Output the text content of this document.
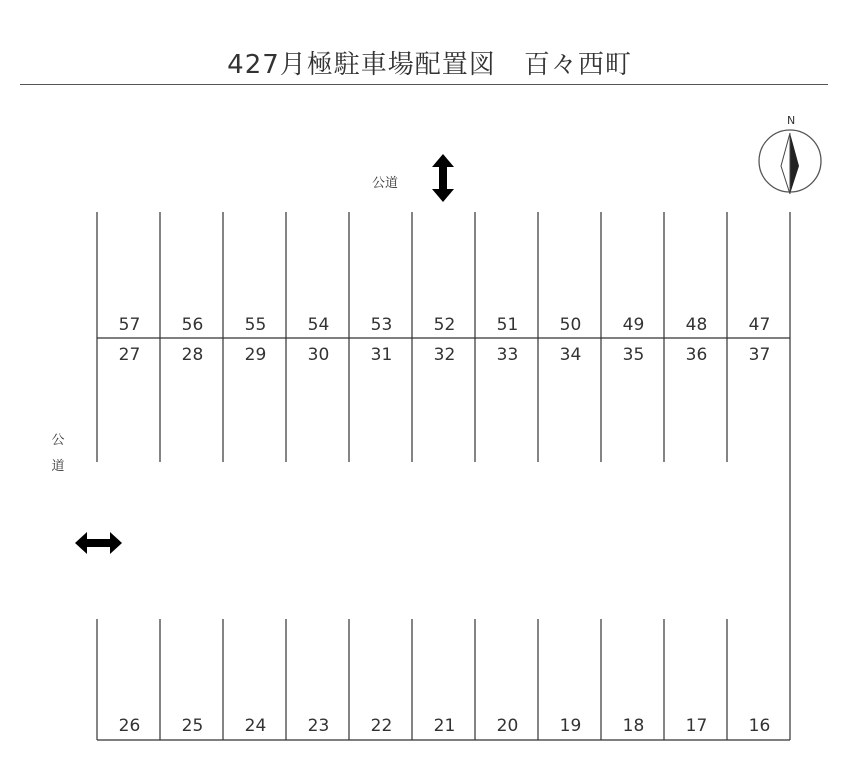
427月極駐車場配置図 百々西町
57 56 55 54 53 52 51 50 49 48 47
27 28 29 30 31 32 33 34 35 36 37
26 25 24 23 22 21 20 19 18 17 16
N
公道
公
道
